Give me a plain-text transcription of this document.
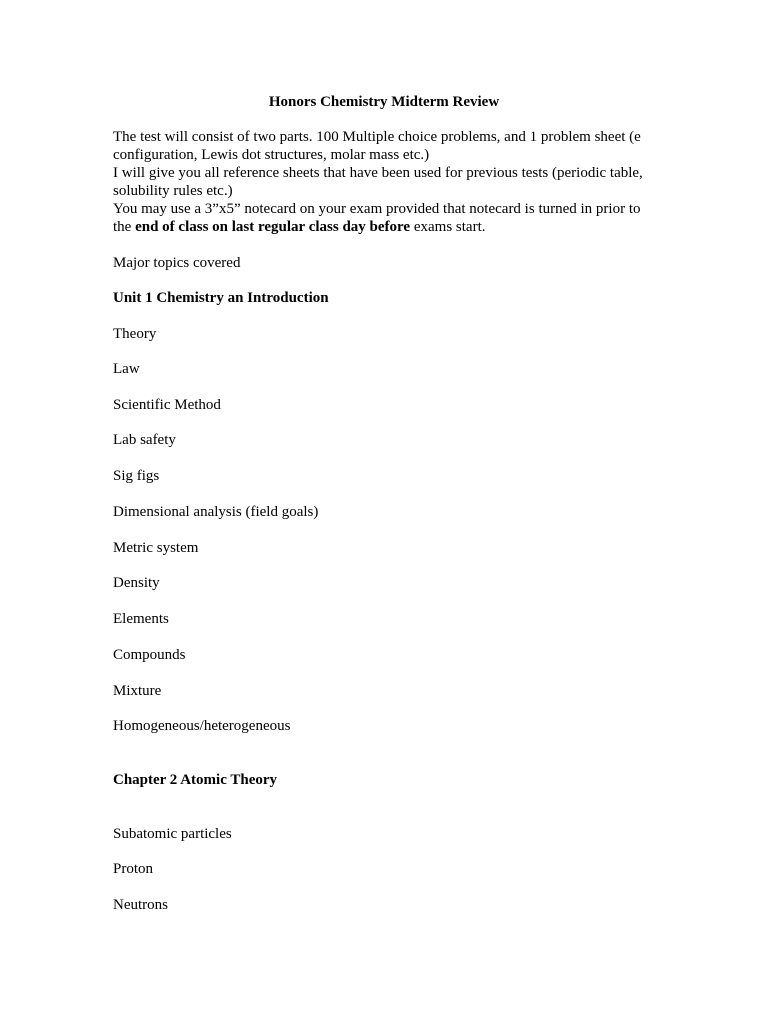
Honors Chemistry Midterm Review

The test will consist of two parts. 100 Multiple choice problems, and 1 problem sheet (e configuration, Lewis dot structures, molar mass etc.)

I will give you all reference sheets that have been used for previous tests (periodic table, solubility rules etc.)

You may use a 3”x5” notecard on your exam provided that notecard is turned in prior to the end of class on last regular class day before exams start.

Major topics covered
Unit 1 Chemistry an Introduction
Theory
Law
Scientific Method
Lab safety
Sig figs
Dimensional analysis (field goals)
Metric system
Density
Elements
Compounds
Mixture
Homogeneous/heterogeneous
Chapter 2 Atomic Theory
Subatomic particles
Proton
Neutrons
